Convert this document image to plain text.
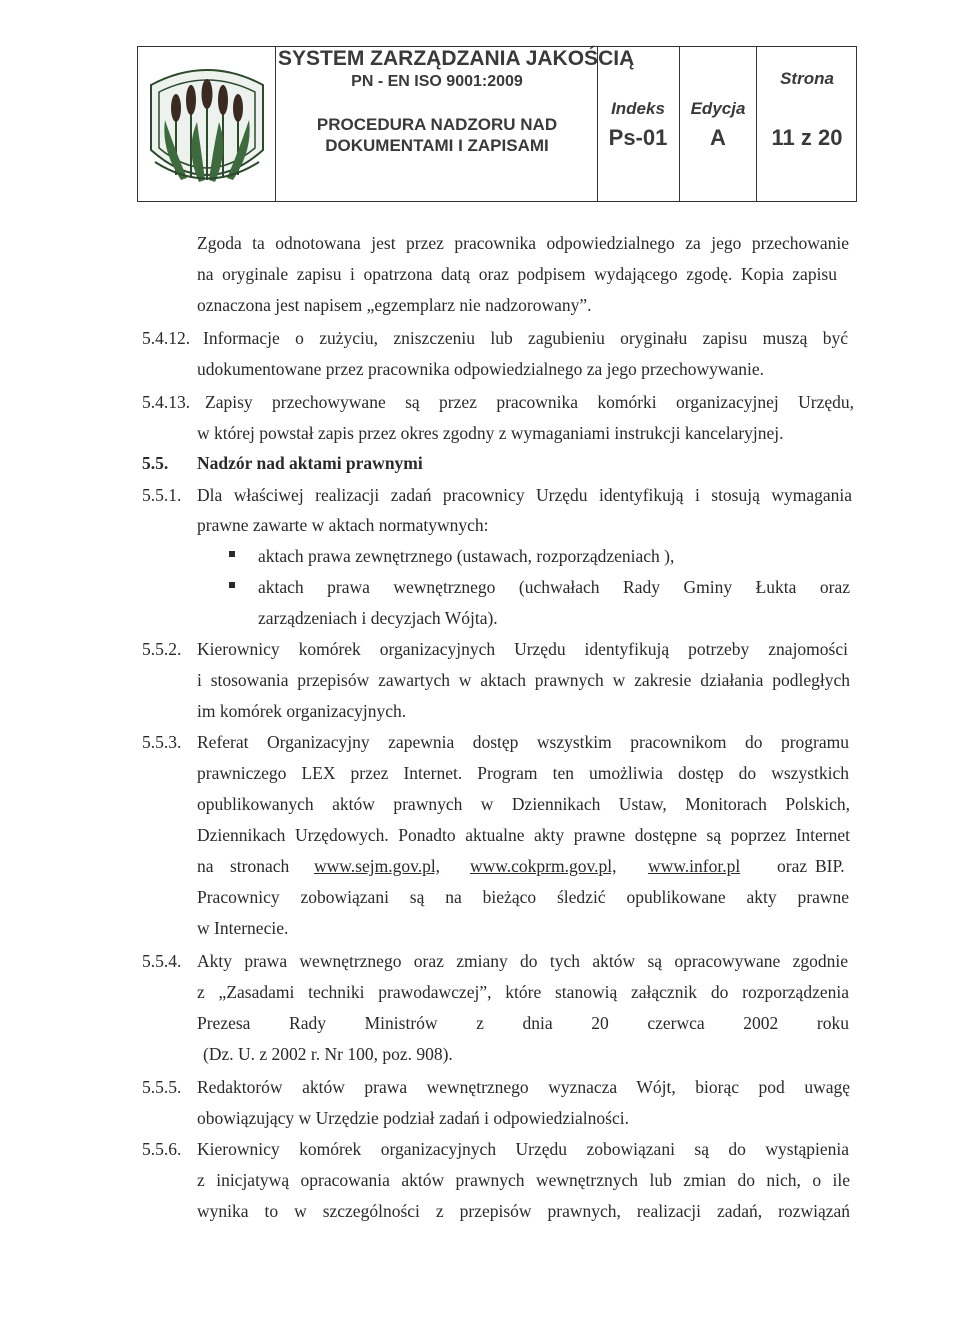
SYSTEM ZARZĄDZANIA JAKOŚCIĄ
PN - EN ISO 9001:2009
PROCEDURA NADZORU NAD
DOKUMENTAMI I ZAPISAMI
Indeks
Ps-01
Edycja
A
Strona
11 z 20
Zgoda ta odnotowana jest przez pracownika odpowiedzialnego za jego przechowanie
na oryginale zapisu i opatrzona datą oraz podpisem wydającego zgodę. Kopia zapisu
oznaczona jest napisem „egzemplarz nie nadzorowany”.
5.4.12. Informacje o zużyciu, zniszczeniu lub zagubieniu oryginału zapisu muszą być
udokumentowane przez pracownika odpowiedzialnego za jego przechowywanie.
5.4.13. Zapisy przechowywane są przez pracownika komórki organizacyjnej Urzędu,
w której powstał zapis przez okres zgodny z wymaganiami instrukcji kancelaryjnej.
5.5. Nadzór nad aktami prawnymi
5.5.1. Dla właściwej realizacji zadań pracownicy Urzędu identyfikują i stosują wymagania
prawne zawarte w aktach normatywnych:
aktach prawa zewnętrznego (ustawach, rozporządzeniach ),
aktach prawa wewnętrznego (uchwałach Rady Gminy Łukta oraz
zarządzeniach i decyzjach Wójta).
5.5.2. Kierownicy komórek organizacyjnych Urzędu identyfikują potrzeby znajomości
i stosowania przepisów zawartych w aktach prawnych w zakresie działania podległych
im komórek organizacyjnych.
5.5.3. Referat Organizacyjny zapewnia dostęp wszystkim pracownikom do programu
prawniczego LEX przez Internet. Program ten umożliwia dostęp do wszystkich
opublikowanych aktów prawnych w Dziennikach Ustaw, Monitorach Polskich,
Dziennikach Urzędowych. Ponadto aktualne akty prawne dostępne są poprzez Internet
na stronach www.sejm.gov.pl, www.cokprm.gov.pl, www.infor.pl oraz BIP.
Pracownicy zobowiązani są na bieżąco śledzić opublikowane akty prawne
w Internecie.
5.5.4. Akty prawa wewnętrznego oraz zmiany do tych aktów są opracowywane zgodnie
z „Zasadami techniki prawodawczej”, które stanowią załącznik do rozporządzenia
Prezesa Rady Ministrów z dnia 20 czerwca 2002 roku
(Dz. U. z 2002 r. Nr 100, poz. 908).
5.5.5. Redaktorów aktów prawa wewnętrznego wyznacza Wójt, biorąc pod uwagę
obowiązujący w Urzędzie podział zadań i odpowiedzialności.
5.5.6. Kierownicy komórek organizacyjnych Urzędu zobowiązani są do wystąpienia
z inicjatywą opracowania aktów prawnych wewnętrznych lub zmian do nich, o ile
wynika to w szczególności z przepisów prawnych, realizacji zadań, rozwiązań
